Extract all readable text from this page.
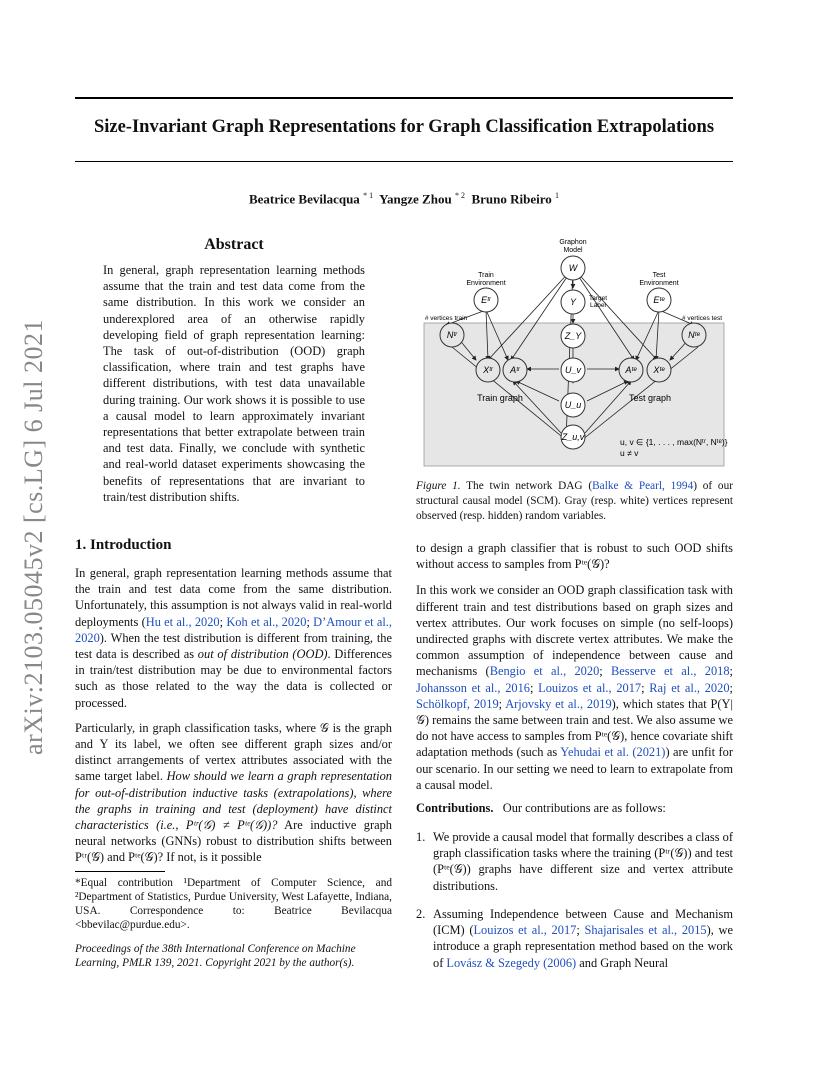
Size-Invariant Graph Representations for Graph Classification Extrapolations
Beatrice Bevilacqua $^{* 1}$ Yangze Zhou $^{* 2}$ Bruno Ribeiro $^1$
arXiv:2103.05045v2 [cs.LG] 6 Jul 2021
Abstract
In general, graph representation learning methods assume that the train and test data come from the same distribution. In this work we consider an underexplored area of an otherwise rapidly developing field of graph representation learning: The task of out-of-distribution (OOD) graph classification, where train and test graphs have different distributions, with test data unavailable during training. Our work shows it is possible to use a causal model to learn approximately invariant representations that better extrapolate between train and test data. Finally, we conclude with synthetic and real-world dataset experiments showcasing the benefits of representations that are invariant to train/test distribution shifts.
Graphon
Model
Train
Environment
Test
Environment
# vertices train	# vertices test
Target
Label
Train graph	Test graph
u, v ∈ {1, . . . , max(Nᵗʳ, Nᵗᵉ)}
u ≠ v
W
Eᵗʳ	Y	Eᵗᵉ
Nᵗʳ	Z_Y	Nᵗᵉ
Xᵗʳ Aᵗʳ	U_v	Aᵗᵉ Xᵗᵉ
U_u
Z_u,v
Figure 1. The twin network DAG (Balke & Pearl, 1994) of our structural causal model (SCM). Gray (resp. white) vertices represent observed (resp. hidden) random variables.
1. Introduction

In general, graph representation learning methods assume that the train and test data come from the same distribution. Unfortunately, this assumption is not always valid in real-world deployments (Hu et al., 2020; Koh et al., 2020; D’Amour et al., 2020). When the test distribution is different from training, the test data is described as out of distribution (OOD). Differences in train/test distribution may be due to environmental factors such as those related to the way the data is collected or processed.

Particularly, in graph classification tasks, where 𝒢 is the graph and Y its label, we often see different graph sizes and/or distinct arrangements of vertex attributes associated with the same target label. How should we learn a graph representation for out-of-distribution inductive tasks (extrapolations), where the graphs in training and test (deployment) have distinct characteristics (i.e., Pᵗʳ(𝒢) ≠ Pᵗᵉ(𝒢))? Are inductive graph neural networks (GNNs) robust to distribution shifts between Pᵗʳ(𝒢) and Pᵗᵉ(𝒢)? If not, is it possible

*Equal contribution ¹Department of Computer Science, and ²Department of Statistics, Purdue University, West Lafayette, Indiana, USA. Correspondence to: Beatrice Bevilacqua <bbevilac@purdue.edu>.
Proceedings of the 38th International Conference on Machine Learning, PMLR 139, 2021. Copyright 2021 by the author(s).

to design a graph classifier that is robust to such OOD shifts without access to samples from Pᵗᵉ(𝒢)?

In this work we consider an OOD graph classification task with different train and test distributions based on graph sizes and vertex attributes. Our work focuses on simple (no self-loops) undirected graphs with discrete vertex attributes. We make the common assumption of independence between cause and mechanisms (Bengio et al., 2020; Besserve et al., 2018; Johansson et al., 2016; Louizos et al., 2017; Raj et al., 2020; Schölkopf, 2019; Arjovsky et al., 2019), which states that P(Y|𝒢) remains the same between train and test. We also assume we do not have access to samples from Pᵗᵉ(𝒢), hence covariate shift adaptation methods (such as Yehudai et al. (2021)) are unfit for our scenario. In our setting we need to learn to extrapolate from a causal model.

Contributions. Our contributions are as follows:
1. We provide a causal model that formally describes a class of graph classification tasks where the training (Pᵗʳ(𝒢)) and test (Pᵗᵉ(𝒢)) graphs have different size and vertex attribute distributions.
2. Assuming Independence between Cause and Mechanism (ICM) (Louizos et al., 2017; Shajarisales et al., 2015), we introduce a graph representation method based on the work of Lovász & Szegedy (2006) and Graph Neural
